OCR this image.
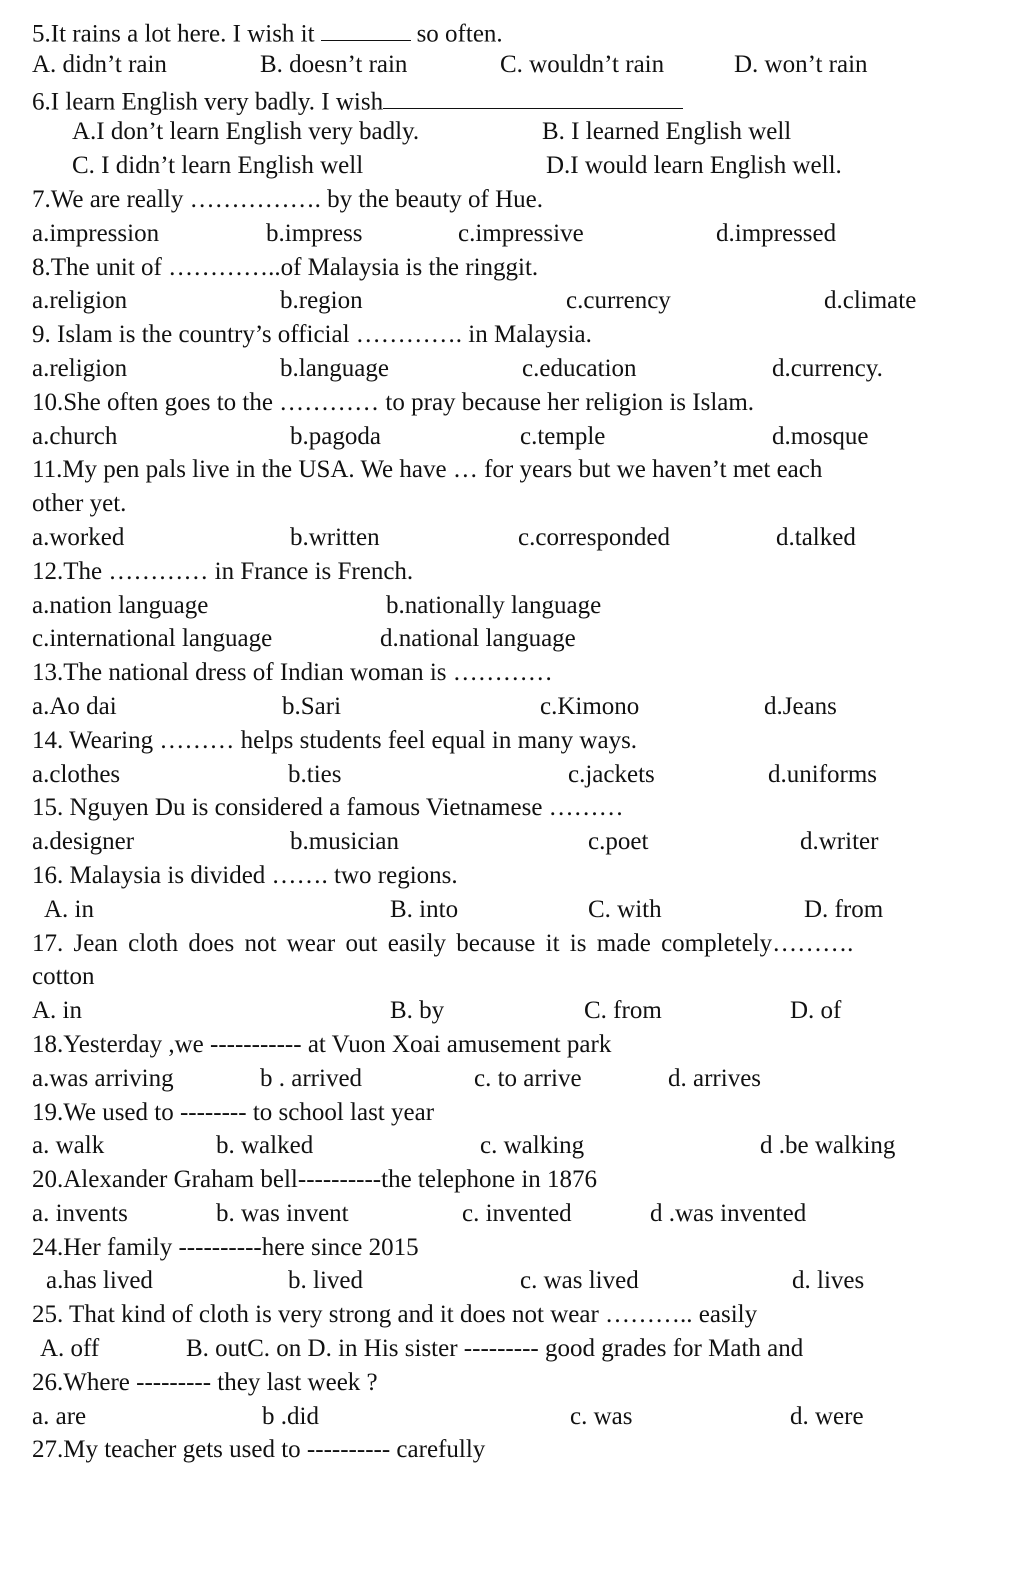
5.It rains a lot here. I wish it	so often.
A. didn’t rain	B. doesn’t rain	C. wouldn’t rain	D. won’t rain
6.I learn English very badly. I wish
A.I don’t learn English very badly.	B. I learned English well
C. I didn’t learn English well	D.I would learn English well.
7.We are really ……………. by the beauty of Hue.
a.impression	b.impress	c.impressive	d.impressed
8.The unit of …………..of Malaysia is the ringgit.
a.religion	b.region	c.currency	d.climate
9. Islam is the country’s official …………. in Malaysia.
a.religion	b.language	c.education	d.currency.
10.She often goes to the ………… to pray because her religion is Islam.
a.church	b.pagoda	c.temple	d.mosque
11.My pen pals live in the USA. We have … for years but we haven’t met each
other yet.
a.worked	b.written	c.corresponded	d.talked
12.The ………… in France is French.
a.nation language	b.nationally language
c.international language	d.national language
13.The national dress of Indian woman is …………
a.Ao dai	b.Sari	c.Kimono	d.Jeans
14. Wearing ……… helps students feel equal in many ways.
a.clothes	b.ties	c.jackets	d.uniforms
15. Nguyen Du is considered a famous Vietnamese ………
a.designer	b.musician	c.poet	d.writer
16. Malaysia is divided ……. two regions.
A. in	B. into	C. with	D. from
17. Jean cloth does not wear out easily because it is made completely……….
cotton
A. in	B. by	C. from	D. of
18.Yesterday ,we ----------- at Vuon Xoai amusement park
a.was arriving	b . arrived	c. to arrive	d. arrives
19.We used to -------- to school last year
a. walk	b. walked	c. walking	d .be walking
20.Alexander Graham bell----------the telephone in 1876
a. invents	b. was invent	c. invented	d .was invented
24.Her family ----------here since 2015
a.has lived	b. lived	c. was lived	d. lives
25. That kind of cloth is very strong and it does not wear ……….. easily
A. off	B. outC. on D. in His sister --------- good grades for Math and
26.Where --------- they last week ?
a. are	b .did	c. was	d. were
27.My teacher gets used to ---------- carefully
